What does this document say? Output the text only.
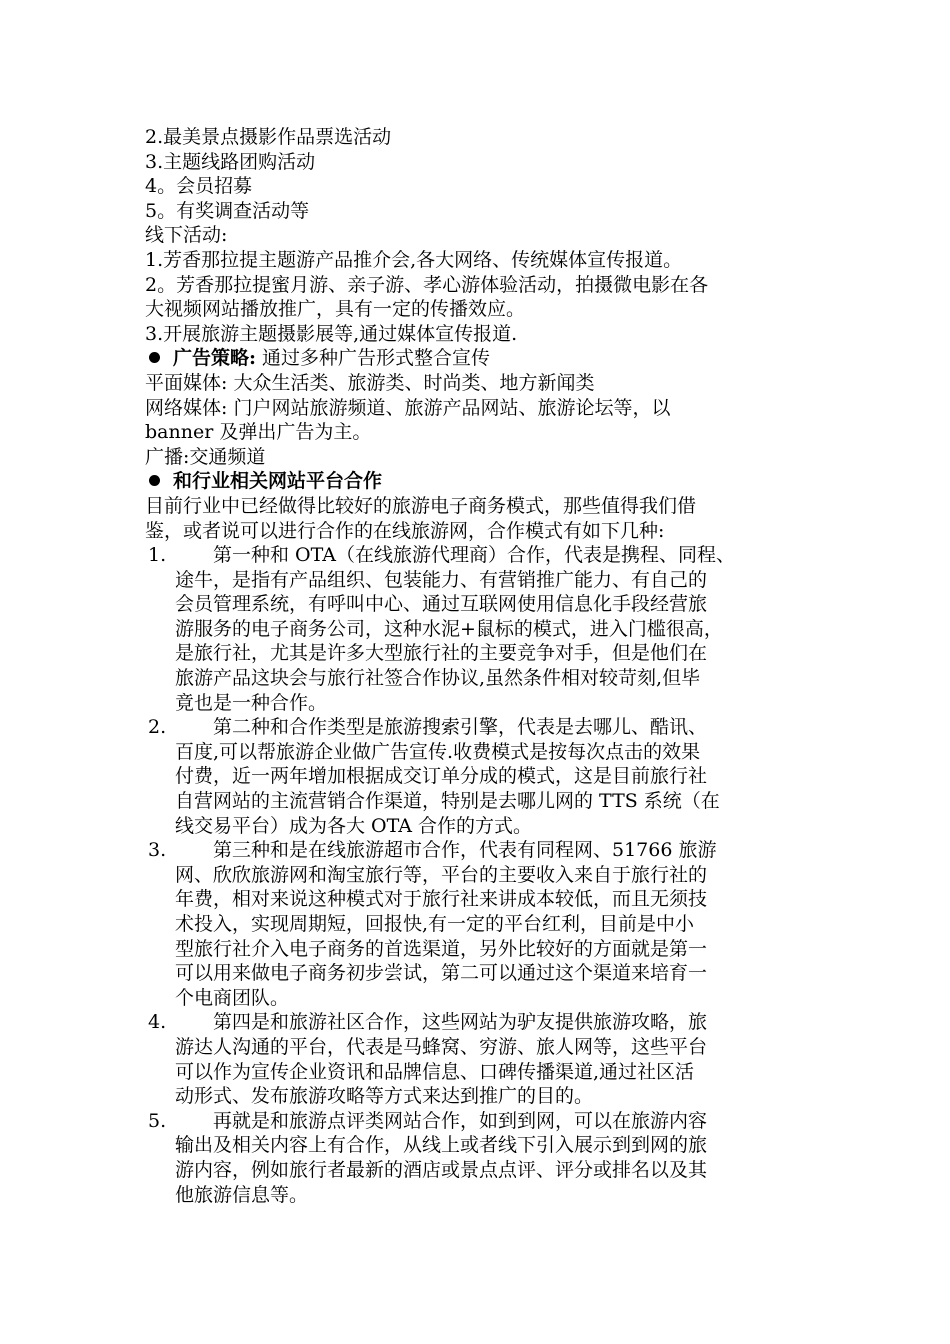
2.最美景点摄影作品票选活动
3.主题线路团购活动
4。会员招募
5。有奖调查活动等
线下活动:
1.芳香那拉提主题游产品推介会,各大网络、传统媒体宣传报道。
2。芳香那拉提蜜月游、亲子游、孝心游体验活动，拍摄微电影在各
大视频网站播放推广，具有一定的传播效应。
3.开展旅游主题摄影展等,通过媒体宣传报道.
广告策略: 通过多种广告形式整合宣传
平面媒体: 大众生活类、旅游类、时尚类、地方新闻类
网络媒体: 门户网站旅游频道、旅游产品网站、旅游论坛等，以
banner 及弹出广告为主。
广播:交通频道
和行业相关网站平台合作
目前行业中已经做得比较好的旅游电子商务模式，那些值得我们借
鉴，或者说可以进行合作的在线旅游网，合作模式有如下几种:
1.	第一种和 OTA（在线旅游代理商）合作，代表是携程、同程、
途牛，是指有产品组织、包装能力、有营销推广能力、有自己的
会员管理系统，有呼叫中心、通过互联网使用信息化手段经营旅
游服务的电子商务公司，这种水泥+鼠标的模式，进入门槛很高，
是旅行社，尤其是许多大型旅行社的主要竞争对手，但是他们在
旅游产品这块会与旅行社签合作协议,虽然条件相对较苛刻,但毕
竟也是一种合作。
2.	第二种和合作类型是旅游搜索引擎，代表是去哪儿、酷讯、
百度,可以帮旅游企业做广告宣传.收费模式是按每次点击的效果
付费，近一两年增加根据成交订单分成的模式，这是目前旅行社
自营网站的主流营销合作渠道，特别是去哪儿网的 TTS 系统（在
线交易平台）成为各大 OTA 合作的方式。
3.	第三种和是在线旅游超市合作，代表有同程网、51766 旅游
网、欣欣旅游网和淘宝旅行等，平台的主要收入来自于旅行社的
年费，相对来说这种模式对于旅行社来讲成本较低，而且无须技
术投入，实现周期短，回报快,有一定的平台红利，目前是中小
型旅行社介入电子商务的首选渠道，另外比较好的方面就是第一
可以用来做电子商务初步尝试，第二可以通过这个渠道来培育一
个电商团队。
4.	第四是和旅游社区合作，这些网站为驴友提供旅游攻略，旅
游达人沟通的平台，代表是马蜂窝、穷游、旅人网等，这些平台
可以作为宣传企业资讯和品牌信息、口碑传播渠道,通过社区活
动形式、发布旅游攻略等方式来达到推广的目的。
5.	再就是和旅游点评类网站合作，如到到网，可以在旅游内容
输出及相关内容上有合作，从线上或者线下引入展示到到网的旅
游内容，例如旅行者最新的酒店或景点点评、评分或排名以及其
他旅游信息等。
